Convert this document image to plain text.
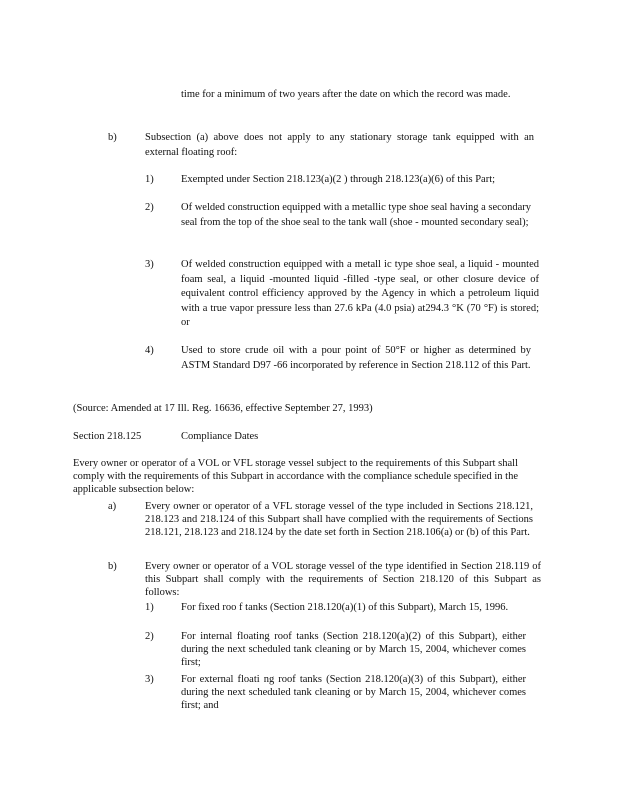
time for a minimum of two years after the date on which the record was made.
b)	Subsection (a) above does not apply to any stationary storage tank equipped with an external floating roof:
1)	Exempted under Section 218.123(a)(2 ) through 218.123(a)(6) of this Part;
2)	Of welded construction equipped with a metallic type shoe seal having a secondary seal from the top of the shoe seal to the tank wall (shoe - mounted secondary seal);
3)	Of welded construction equipped with a metall ic type shoe seal, a liquid - mounted foam seal, a liquid -mounted liquid -filled -type seal, or other closure device of equivalent control efficiency approved by the Agency in which a petroleum liquid with a true vapor pressure less than 27.6 kPa (4.0 psia) at294.3 °K (70 °F) is stored; or
4)	Used to store crude oil with a pour point of 50°F or higher as determined by ASTM Standard D97 -66 incorporated by reference in Section 218.112 of this Part.
(Source: Amended at 17 Ill. Reg. 16636, effective September 27, 1993)
Section 218.125	Compliance Dates
Every owner or operator of a VOL or VFL storage vessel subject to the requirements of this Subpart shall comply with the requirements of this Subpart in accordance with the compliance schedule specified in the applicable subsection below:
a)	Every owner or operator of a VFL storage vessel of the type included in Sections 218.121, 218.123 and 218.124 of this Subpart shall have complied with the requirements of Sections 218.121, 218.123 and 218.124 by the date set forth in Section 218.106(a) or (b) of this Part.
b)	Every owner or operator of a VOL storage vessel of the type identified in Section 218.119 of this Subpart shall comply with the requirements of Section 218.120 of this Subpart as follows:
1)	For fixed roo f tanks (Section 218.120(a)(1) of this Subpart), March 15, 1996.
2)	For internal floating roof tanks (Section 218.120(a)(2) of this Subpart), either during the next scheduled tank cleaning or by March 15, 2004, whichever comes first;
3)	For external floati ng roof tanks (Section 218.120(a)(3) of this Subpart), either during the next scheduled tank cleaning or by March 15, 2004, whichever comes first; and
